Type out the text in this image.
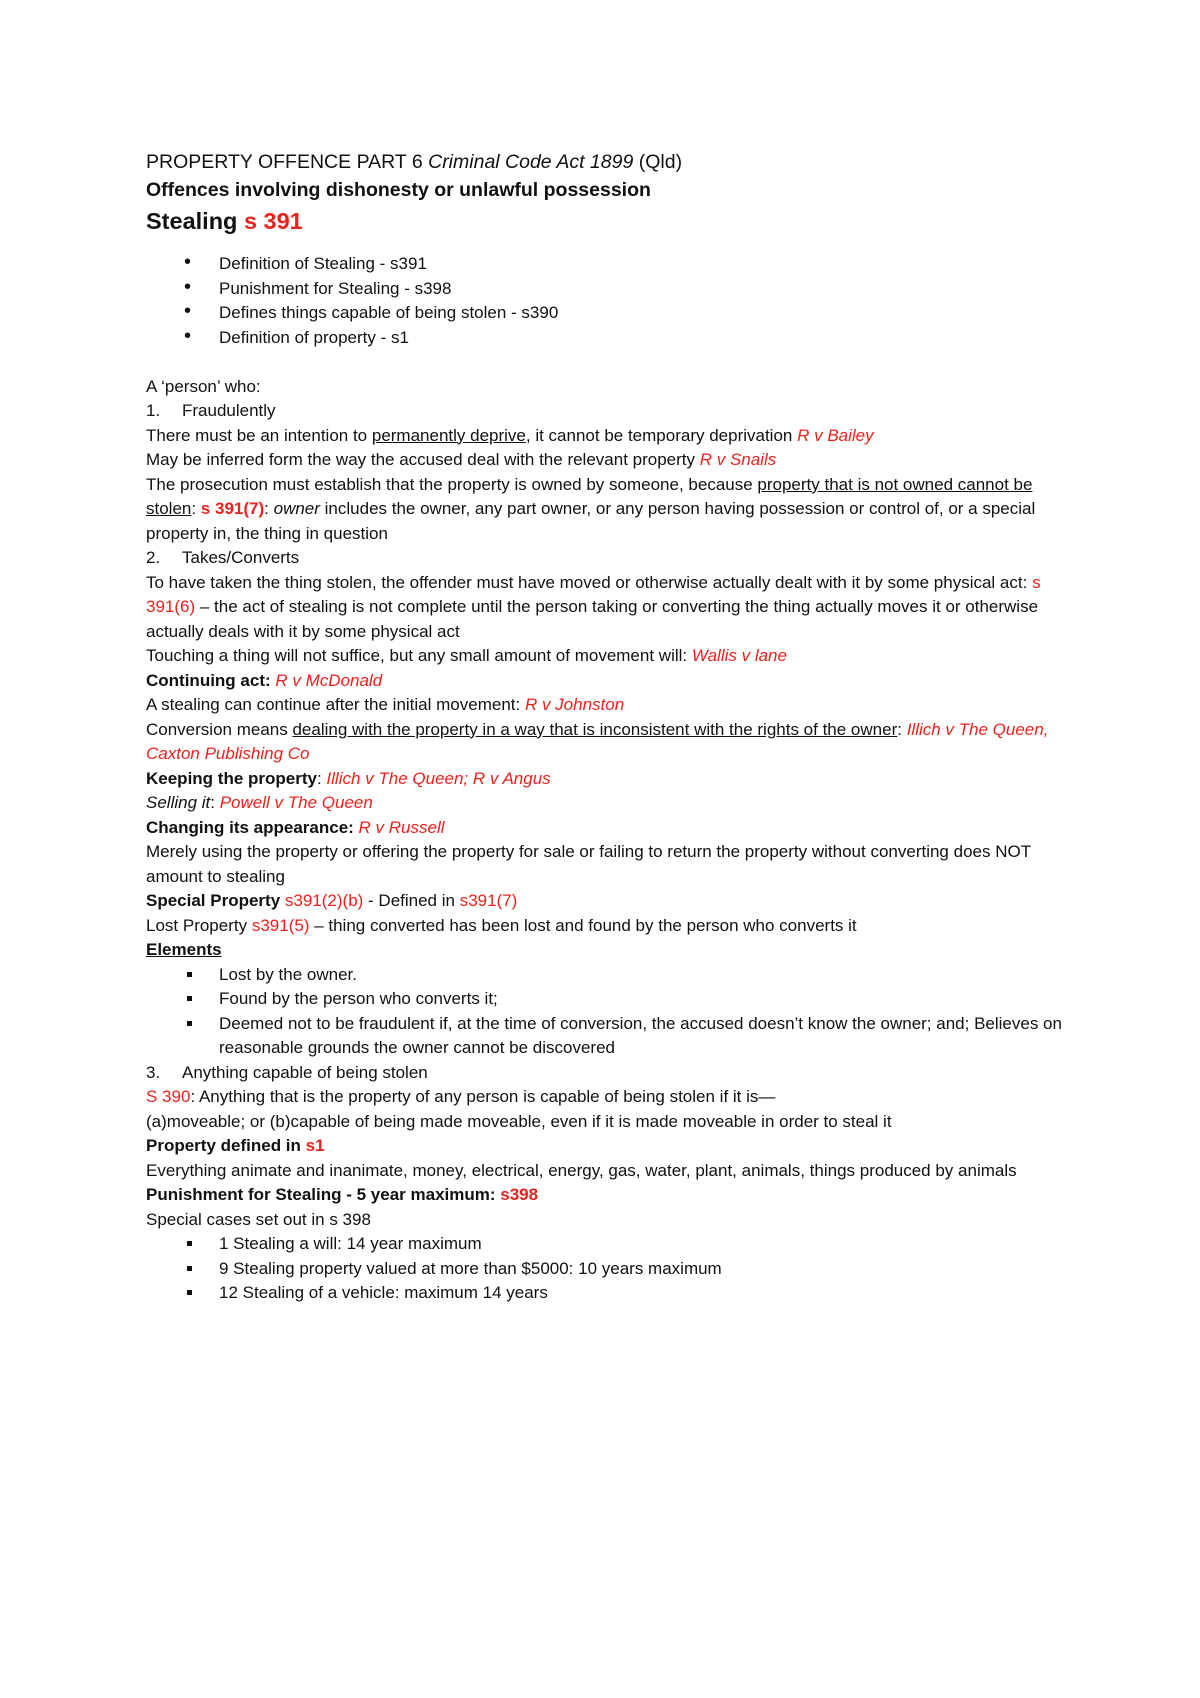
PROPERTY OFFENCE PART 6 Criminal Code Act 1899 (Qld)

Offences involving dishonesty or unlawful possession

Stealing s 391

• Definition of Stealing - s391
• Punishment for Stealing - s398
• Defines things capable of being stolen - s390
• Definition of property - s1

A ‘person’ who:

1. Fraudulently

There must be an intention to permanently deprive, it cannot be temporary deprivation R v Bailey

May be inferred form the way the accused deal with the relevant property R v Snails

The prosecution must establish that the property is owned by someone, because property that is not owned cannot be stolen: s 391(7): owner includes the owner, any part owner, or any person having possession or control of, or a special property in, the thing in question

2. Takes/Converts

To have taken the thing stolen, the offender must have moved or otherwise actually dealt with it by some physical act: s 391(6) – the act of stealing is not complete until the person taking or converting the thing actually moves it or otherwise actually deals with it by some physical act

Touching a thing will not suffice, but any small amount of movement will: Wallis v lane

Continuing act: R v McDonald

A stealing can continue after the initial movement: R v Johnston

Conversion means dealing with the property in a way that is inconsistent with the rights of the owner: Illich v The Queen, Caxton Publishing Co

Keeping the property: Illich v The Queen; R v Angus

Selling it: Powell v The Queen

Changing its appearance: R v Russell

Merely using the property or offering the property for sale or failing to return the property without converting does NOT amount to stealing

Special Property s391(2)(b) - Defined in s391(7)

Lost Property s391(5) – thing converted has been lost and found by the person who converts it

Elements

Lost by the owner.
Found by the person who converts it;
Deemed not to be fraudulent if, at the time of conversion, the accused doesn’t know the owner; and; Believes on reasonable grounds the owner cannot be discovered

3. Anything capable of being stolen

S 390: Anything that is the property of any person is capable of being stolen if it is—

(a)moveable; or (b)capable of being made moveable, even if it is made moveable in order to steal it

Property defined in s1

Everything animate and inanimate, money, electrical, energy, gas, water, plant, animals, things produced by animals

Punishment for Stealing - 5 year maximum: s398

Special cases set out in s 398

1 Stealing a will: 14 year maximum
9 Stealing property valued at more than $5000: 10 years maximum
12 Stealing of a vehicle: maximum 14 years
